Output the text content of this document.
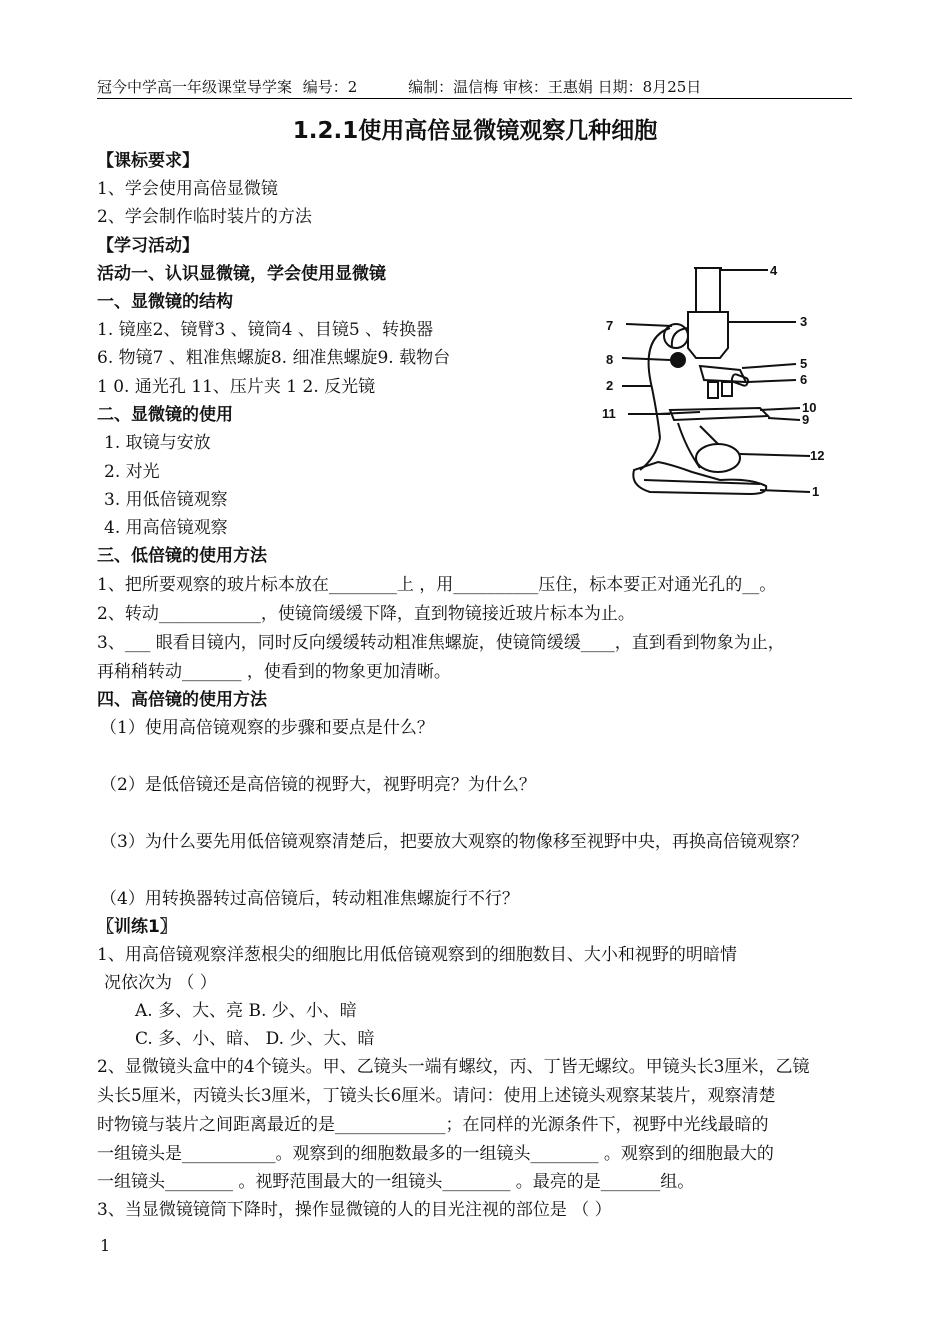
冠今中学高一年级课堂导学案 编号：2	编制：温信梅 审核：王惠娟 日期：8月25日
1.2.1使用高倍显微镜观察几种细胞
【课标要求】
1、学会使用高倍显微镜
2、学会制作临时装片的方法
【学习活动】
活动一、认识显微镜，学会使用显微镜
一、显微镜的结构
1. 镜座2、镜臂3 、镜筒4 、目镜5 、转换器
6. 物镜7 、粗准焦螺旋8. 细准焦螺旋9. 载物台
1 0. 通光孔 11、压片夹 1 2. 反光镜
二、显微镜的使用
1. 取镜与安放
2. 对光
3. 用低倍镜观察
4. 用高倍镜观察
三、低倍镜的使用方法
1、把所要观察的玻片标本放在________上 ，用__________压住，标本要正对通光孔的__。
2、转动____________，使镜筒缓缓下降，直到物镜接近玻片标本为止。
3、___ 眼看目镜内，同时反向缓缓转动粗准焦螺旋，使镜筒缓缓____，直到看到物象为止，
再稍稍转动_______ ，使看到的物象更加清晰。
四、高倍镜的使用方法
（1）使用高倍镜观察的步骤和要点是什么？
（2）是低倍镜还是高倍镜的视野大，视野明亮？为什么？
（3）为什么要先用低倍镜观察清楚后，把要放大观察的物像移至视野中央，再换高倍镜观察？
（4）用转换器转过高倍镜后，转动粗准焦螺旋行不行？
〖训练1〗
1、用高倍镜观察洋葱根尖的细胞比用低倍镜观察到的细胞数目、大小和视野的明暗情
况依次为 （ ）
A. 多、大、亮 B. 少、小、暗
C. 多、小、暗、 D. 少、大、暗
2、显微镜头盒中的4个镜头。甲、乙镜头一端有螺纹，丙、丁皆无螺纹。甲镜头长3厘米，乙镜
头长5厘米，丙镜头长3厘米，丁镜头长6厘米。请问：使用上述镜头观察某装片，观察清楚
时物镜与装片之间距离最近的是_____________；在同样的光源条件下，视野中光线最暗的
一组镜头是___________。观察到的细胞数最多的一组镜头________ 。观察到的细胞最大的
一组镜头________ 。视野范围最大的一组镜头________ 。最亮的是_______组。
3、当显微镜镜筒下降时，操作显微镜的人的目光注视的部位是 （ ）
4
7	3
8	5
6
2
10
11	9
12
1
1
